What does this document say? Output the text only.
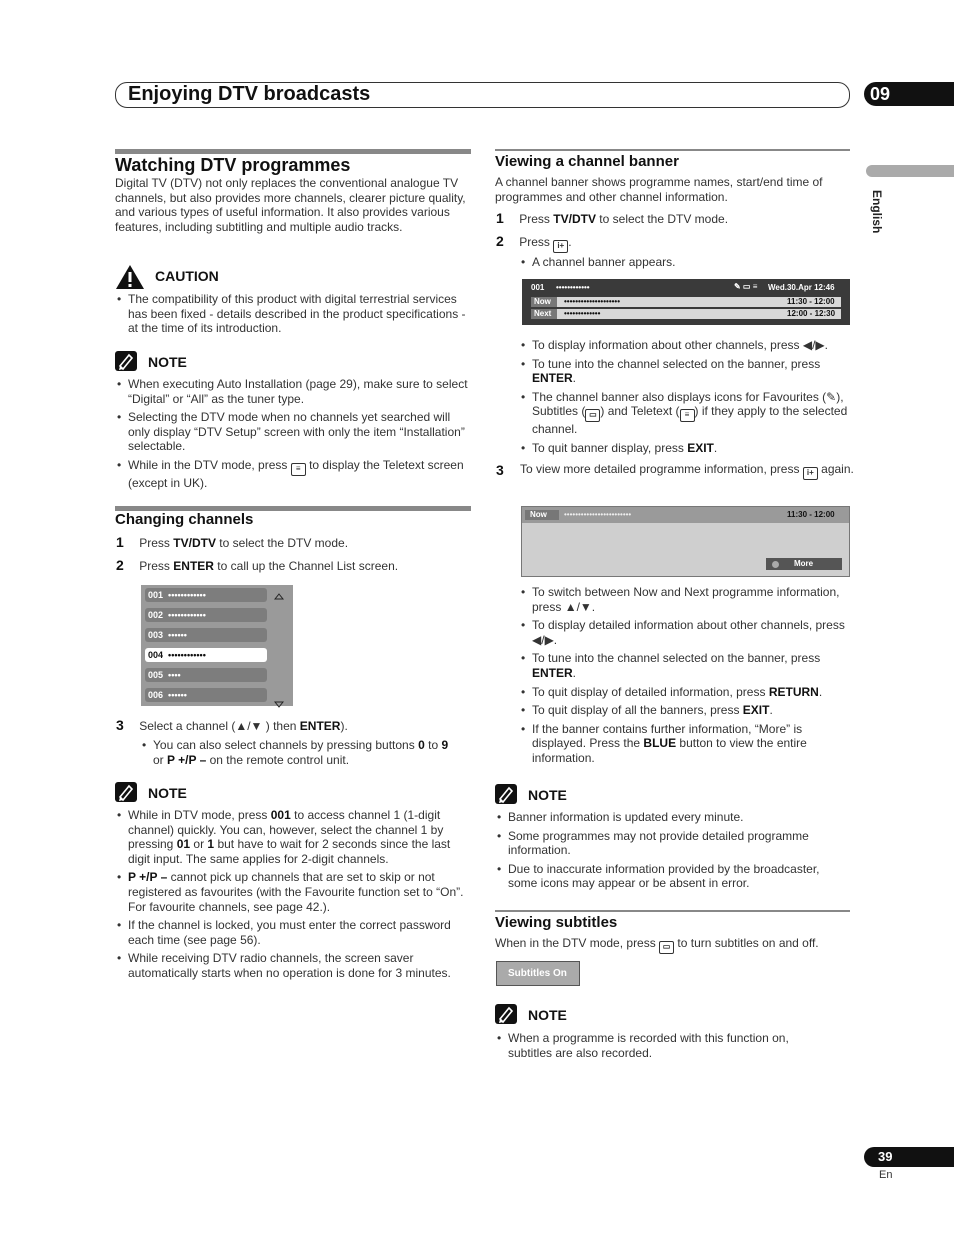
Enjoying DTV broadcasts	09
English
Watching DTV programmes
Digital TV (DTV) not only replaces the conventional analogue TV channels, but also provides more channels, clearer picture quality, and various types of useful information. It also provides various features, including subtitling and multiple audio tracks.
CAUTION
• The compatibility of this product with digital terrestrial services has been fixed - details described in the product specifications - at the time of its introduction.
NOTE
• When executing Auto Installation (page 29), make sure to select “Digital” or “All” as the tuner type.
• Selecting the DTV mode when no channels yet searched will only display “DTV Setup” screen with only the item “Installation” selectable.
• While in the DTV mode, press ≡ to display the Teletext screen (except in UK).
Changing channels
1 Press TV/DTV to select the DTV mode.
2 Press ENTER to call up the Channel List screen.
001 ••••••••••••
002 ••••••••••••
003 ••••••
004 ••••••••••••
005 ••••
006 ••••••
3 Select a channel (▲/▼ ) then ENTER).
• You can also select channels by pressing buttons 0 to 9
or P +/P – on the remote control unit.
NOTE
• While in DTV mode, press 001 to access channel 1 (1-digit channel) quickly. You can, however, select the channel 1 by pressing 01 or 1 but have to wait for 2 seconds since the last digit input. The same applies for 2-digit channels.
• P +/P – cannot pick up channels that are set to skip or not registered as favourites (with the Favourite function set to “On”. For favourite channels, see page 42.).
• If the channel is locked, you must enter the correct password each time (see page 56).
• While receiving DTV radio channels, the screen saver automatically starts when no operation is done for 3 minutes.
Viewing a channel banner
A channel banner shows programme names, start/end time of programmes and other channel information.
1 Press TV/DTV to select the DTV mode.
2 Press i+ .
• A channel banner appears.
001 ••••••••••••	✎ ▭ ≡ Wed.30.Apr 12:46
Now	••••••••••••••••••••	11:30 - 12:00
Next	•••••••••••••	12:00 - 12:30
• To display information about other channels, press ◀/▶.
• To tune into the channel selected on the banner, press ENTER.
• The channel banner also displays icons for Favourites (✎), Subtitles ( ▭ ) and Teletext ( ≡ ) if they apply to the selected channel.
• To quit banner display, press EXIT.
3 To view more detailed programme information, press i+ again.
Now	••••••••••••••••••••••••	11:30 - 12:00
More
• To switch between Now and Next programme information, press ▲/▼.
• To display detailed information about other channels, press ◀/▶.
• To tune into the channel selected on the banner, press ENTER.
• To quit display of detailed information, press RETURN.
• To quit display of all the banners, press EXIT.
• If the banner contains further information, “More” is displayed. Press the BLUE button to view the entire information.
NOTE
• Banner information is updated every minute.
• Some programmes may not provide detailed programme information.
• Due to inaccurate information provided by the broadcaster, some icons may appear or be absent in error.
Viewing subtitles
When in the DTV mode, press ▭ to turn subtitles on and off.
Subtitles On
NOTE
• When a programme is recorded with this function on, subtitles are also recorded.
39
En
